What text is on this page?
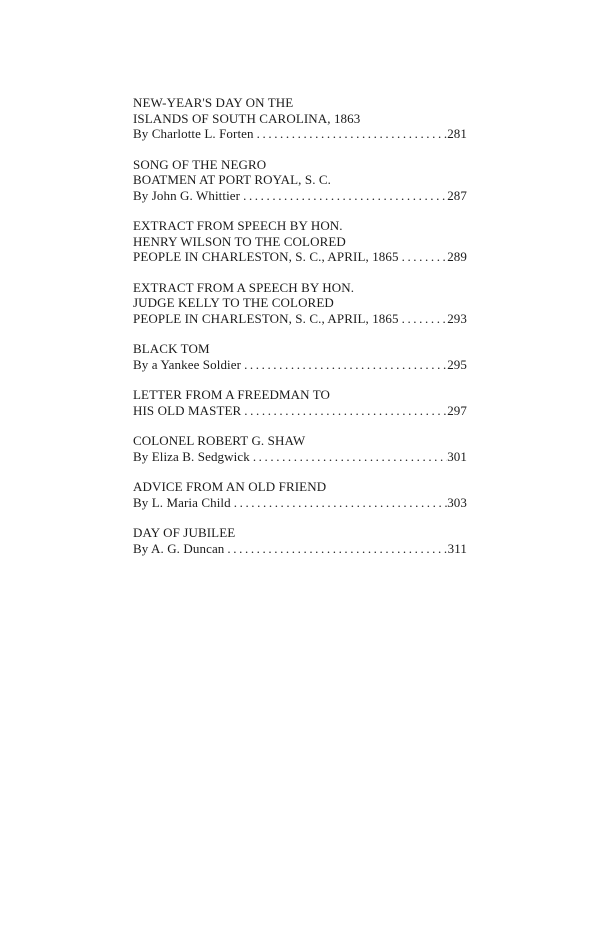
NEW-YEAR'S DAY ON THE
ISLANDS OF SOUTH CAROLINA, 1863
By Charlotte L. Forten .....	281
SONG OF THE NEGRO
BOATMEN AT PORT ROYAL, S. C.
By John G. Whittier .....	287
EXTRACT FROM SPEECH BY HON.
HENRY WILSON TO THE COLORED
PEOPLE IN CHARLESTON, S. C., APRIL, 1865 .....	289
EXTRACT FROM A SPEECH BY HON.
JUDGE KELLY TO THE COLORED
PEOPLE IN CHARLESTON, S. C., APRIL, 1865 .....	293
BLACK TOM
By a Yankee Soldier .....	295
LETTER FROM A FREEDMAN TO
HIS OLD MASTER .....	297
COLONEL ROBERT G. SHAW
By Eliza B. Sedgwick .....	301
ADVICE FROM AN OLD FRIEND
By L. Maria Child .....	303
DAY OF JUBILEE
By A. G. Duncan .....	311
